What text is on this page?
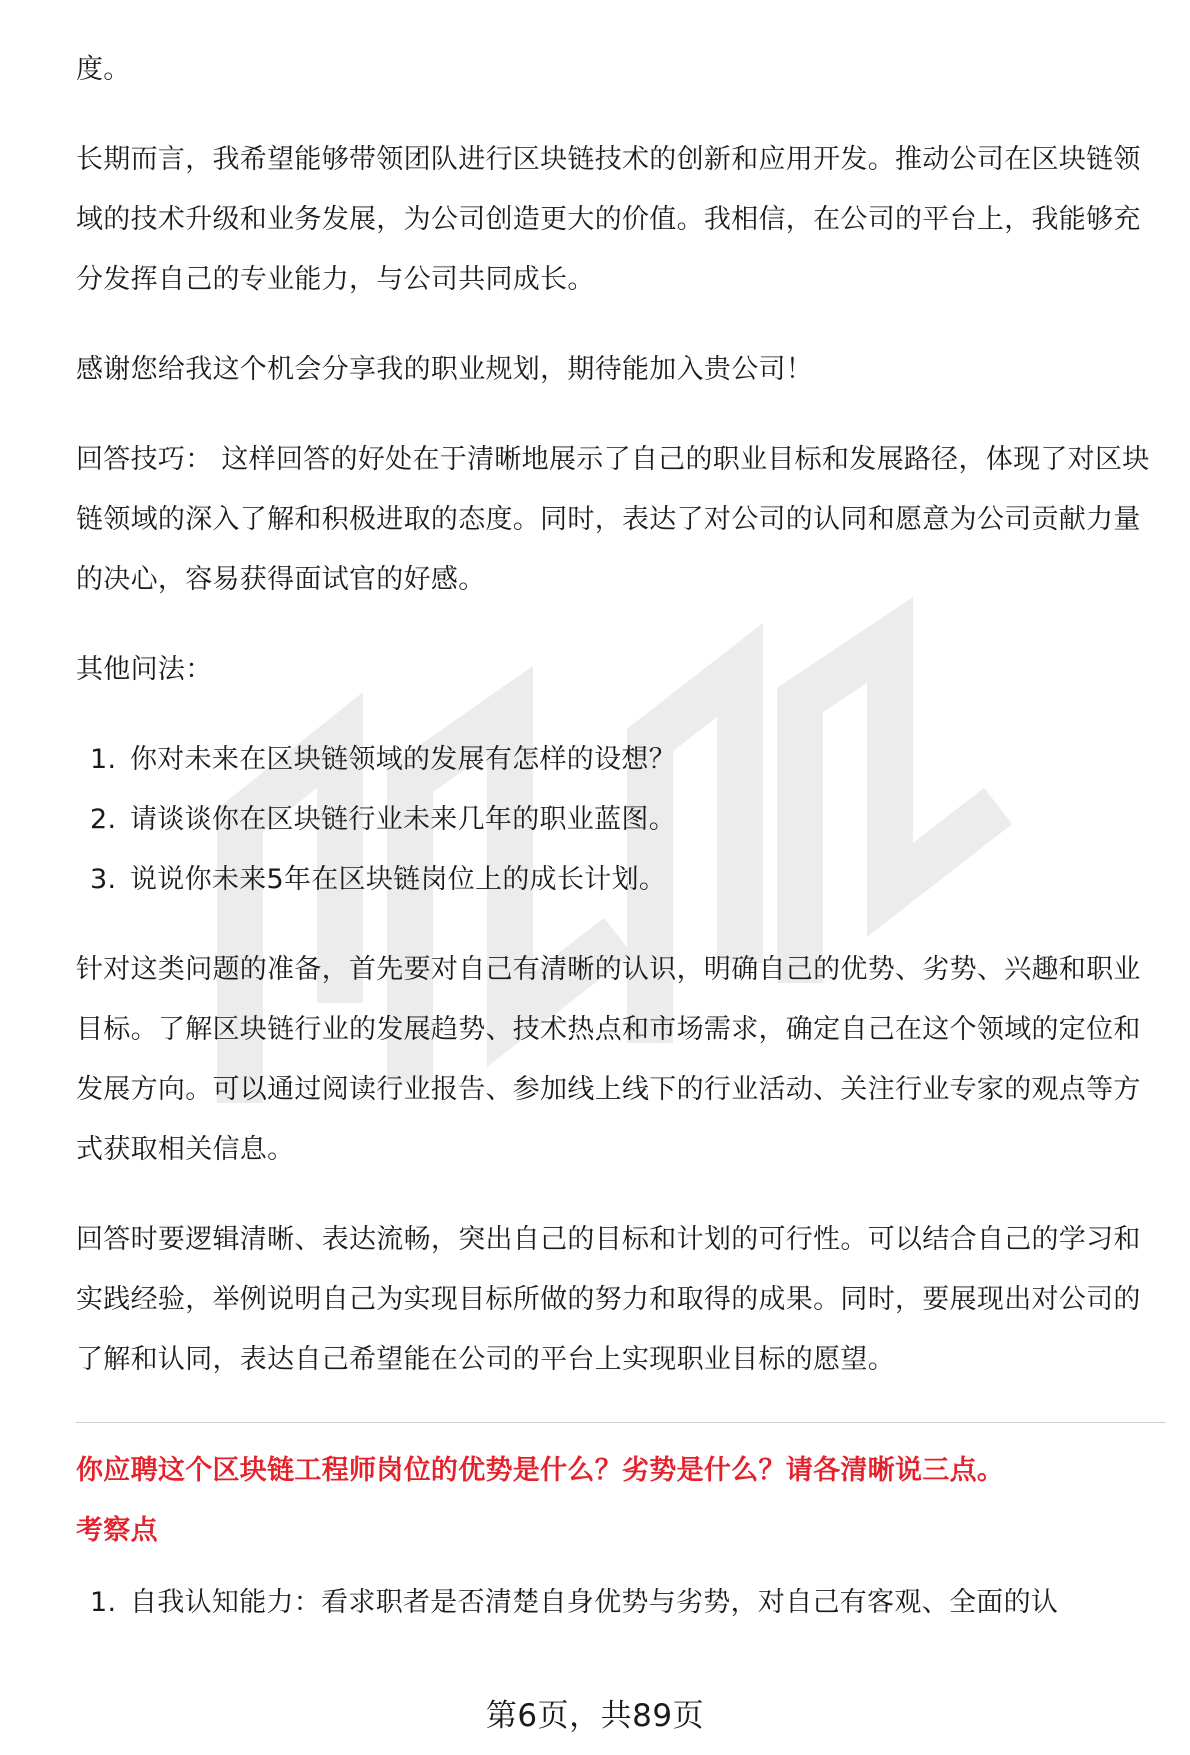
度。

长期而言，我希望能够带领团队进行区块链技术的创新和应用开发。推动公司在区块链领域的技术升级和业务发展，为公司创造更大的价值。我相信，在公司的平台上，我能够充分发挥自己的专业能力，与公司共同成长。

感谢您给我这个机会分享我的职业规划，期待能加入贵公司！

回答技巧： 这样回答的好处在于清晰地展示了自己的职业目标和发展路径，体现了对区块链领域的深入了解和积极进取的态度。同时，表达了对公司的认同和愿意为公司贡献力量的决心，容易获得面试官的好感。

其他问法：

1. 你对未来在区块链领域的发展有怎样的设想？
2. 请谈谈你在区块链行业未来几年的职业蓝图。
3. 说说你未来5年在区块链岗位上的成长计划。

针对这类问题的准备，首先要对自己有清晰的认识，明确自己的优势、劣势、兴趣和职业目标。了解区块链行业的发展趋势、技术热点和市场需求，确定自己在这个领域的定位和发展方向。可以通过阅读行业报告、参加线上线下的行业活动、关注行业专家的观点等方式获取相关信息。

回答时要逻辑清晰、表达流畅，突出自己的目标和计划的可行性。可以结合自己的学习和实践经验，举例说明自己为实现目标所做的努力和取得的成果。同时，要展现出对公司的了解和认同，表达自己希望能在公司的平台上实现职业目标的愿望。

你应聘这个区块链工程师岗位的优势是什么？劣势是什么？请各清晰说三点。

考察点

1. 自我认知能力：看求职者是否清楚自身优势与劣势，对自己有客观、全面的认
第6页，共89页
